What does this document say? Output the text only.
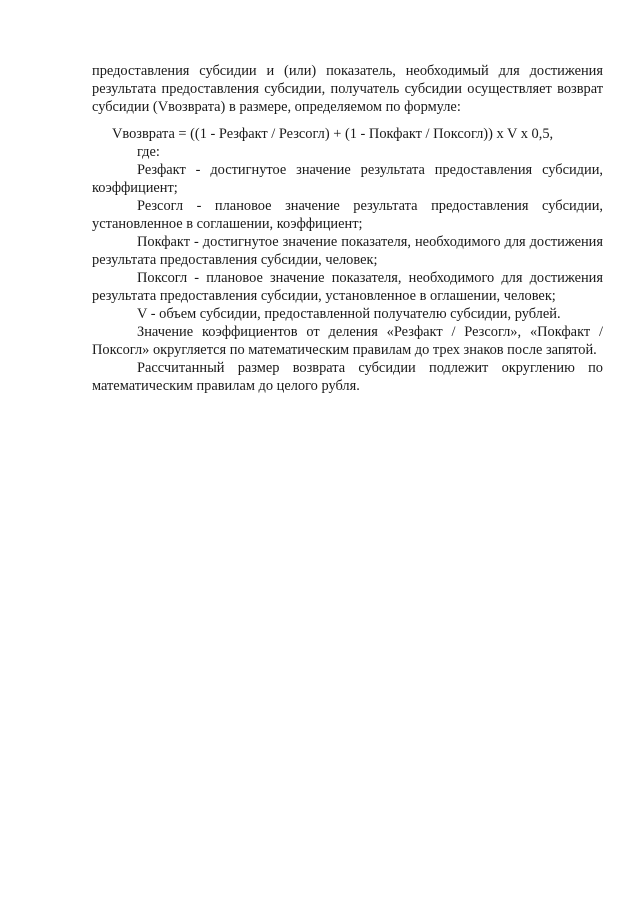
предоставления субсидии и (или) показатель, необходимый для достижения результата предоставления субсидии, получатель субсидии осуществляет возврат субсидии (Vвозврата) в размере, определяемом по формуле:

Vвозврата = ((1 - Резфакт / Резсогл) + (1 - Покфакт / Поксогл)) x V x 0,5,

где:

Резфакт - достигнутое значение результата предоставления субсидии, коэффициент;

Резсогл - плановое значение результата предоставления субсидии, установленное в соглашении, коэффициент;

Покфакт - достигнутое значение показателя, необходимого для достижения результата предоставления субсидии, человек;

Поксогл - плановое значение показателя, необходимого для достижения результата предоставления субсидии, установленное в оглашении, человек;

V - объем субсидии, предоставленной получателю субсидии, рублей.

Значение коэффициентов от деления «Резфакт / Резсогл», «Покфакт / Поксогл» округляется по математическим правилам до трех знаков после запятой.

Рассчитанный размер возврата субсидии подлежит округлению по математическим правилам до целого рубля.
